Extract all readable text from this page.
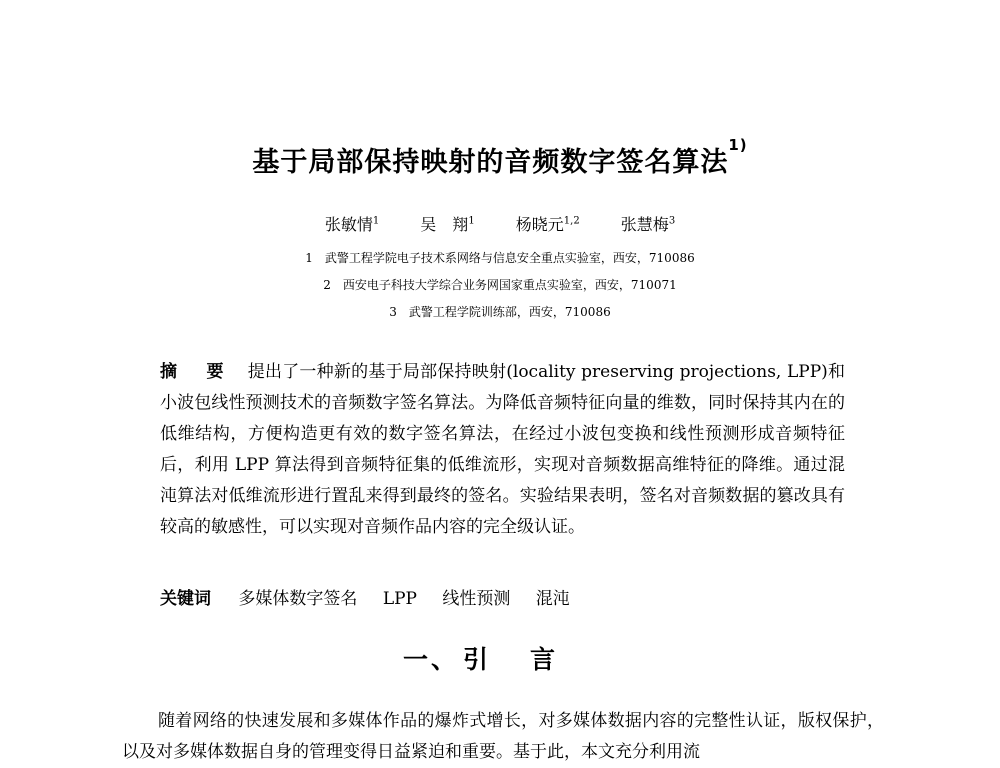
基于局部保持映射的音频数字签名算法$^{1)}$
张敏情$^1$	吴　翔$^1$	杨晓元$^{1,2}$	张慧梅$^3$
1 武警工程学院电子技术系网络与信息安全重点实验室，西安，710086
2 西安电子科技大学综合业务网国家重点实验室，西安，710071
3 武警工程学院训练部，西安，710086
摘　要 提出了一种新的基于局部保持映射(locality preserving projections, LPP)和小波包线性预测技术的音频数字签名算法。为降低音频特征向量的维数，同时保持其内在的低维结构，方便构造更有效的数字签名算法，在经过小波包变换和线性预测形成音频特征后，利用 LPP 算法得到音频特征集的低维流形，实现对音频数据高维特征的降维。通过混沌算法对低维流形进行置乱来得到最终的签名。实验结果表明，签名对音频数据的篡改具有较高的敏感性，可以实现对音频作品内容的完全级认证。
关键词 多媒体数字签名 LPP 线性预测 混沌
一、 引言
随着网络的快速发展和多媒体作品的爆炸式增长，对多媒体数据内容的完整性认证，版权保护，以及对多媒体数据自身的管理变得日益紧迫和重要。基于此，本文充分利用流
